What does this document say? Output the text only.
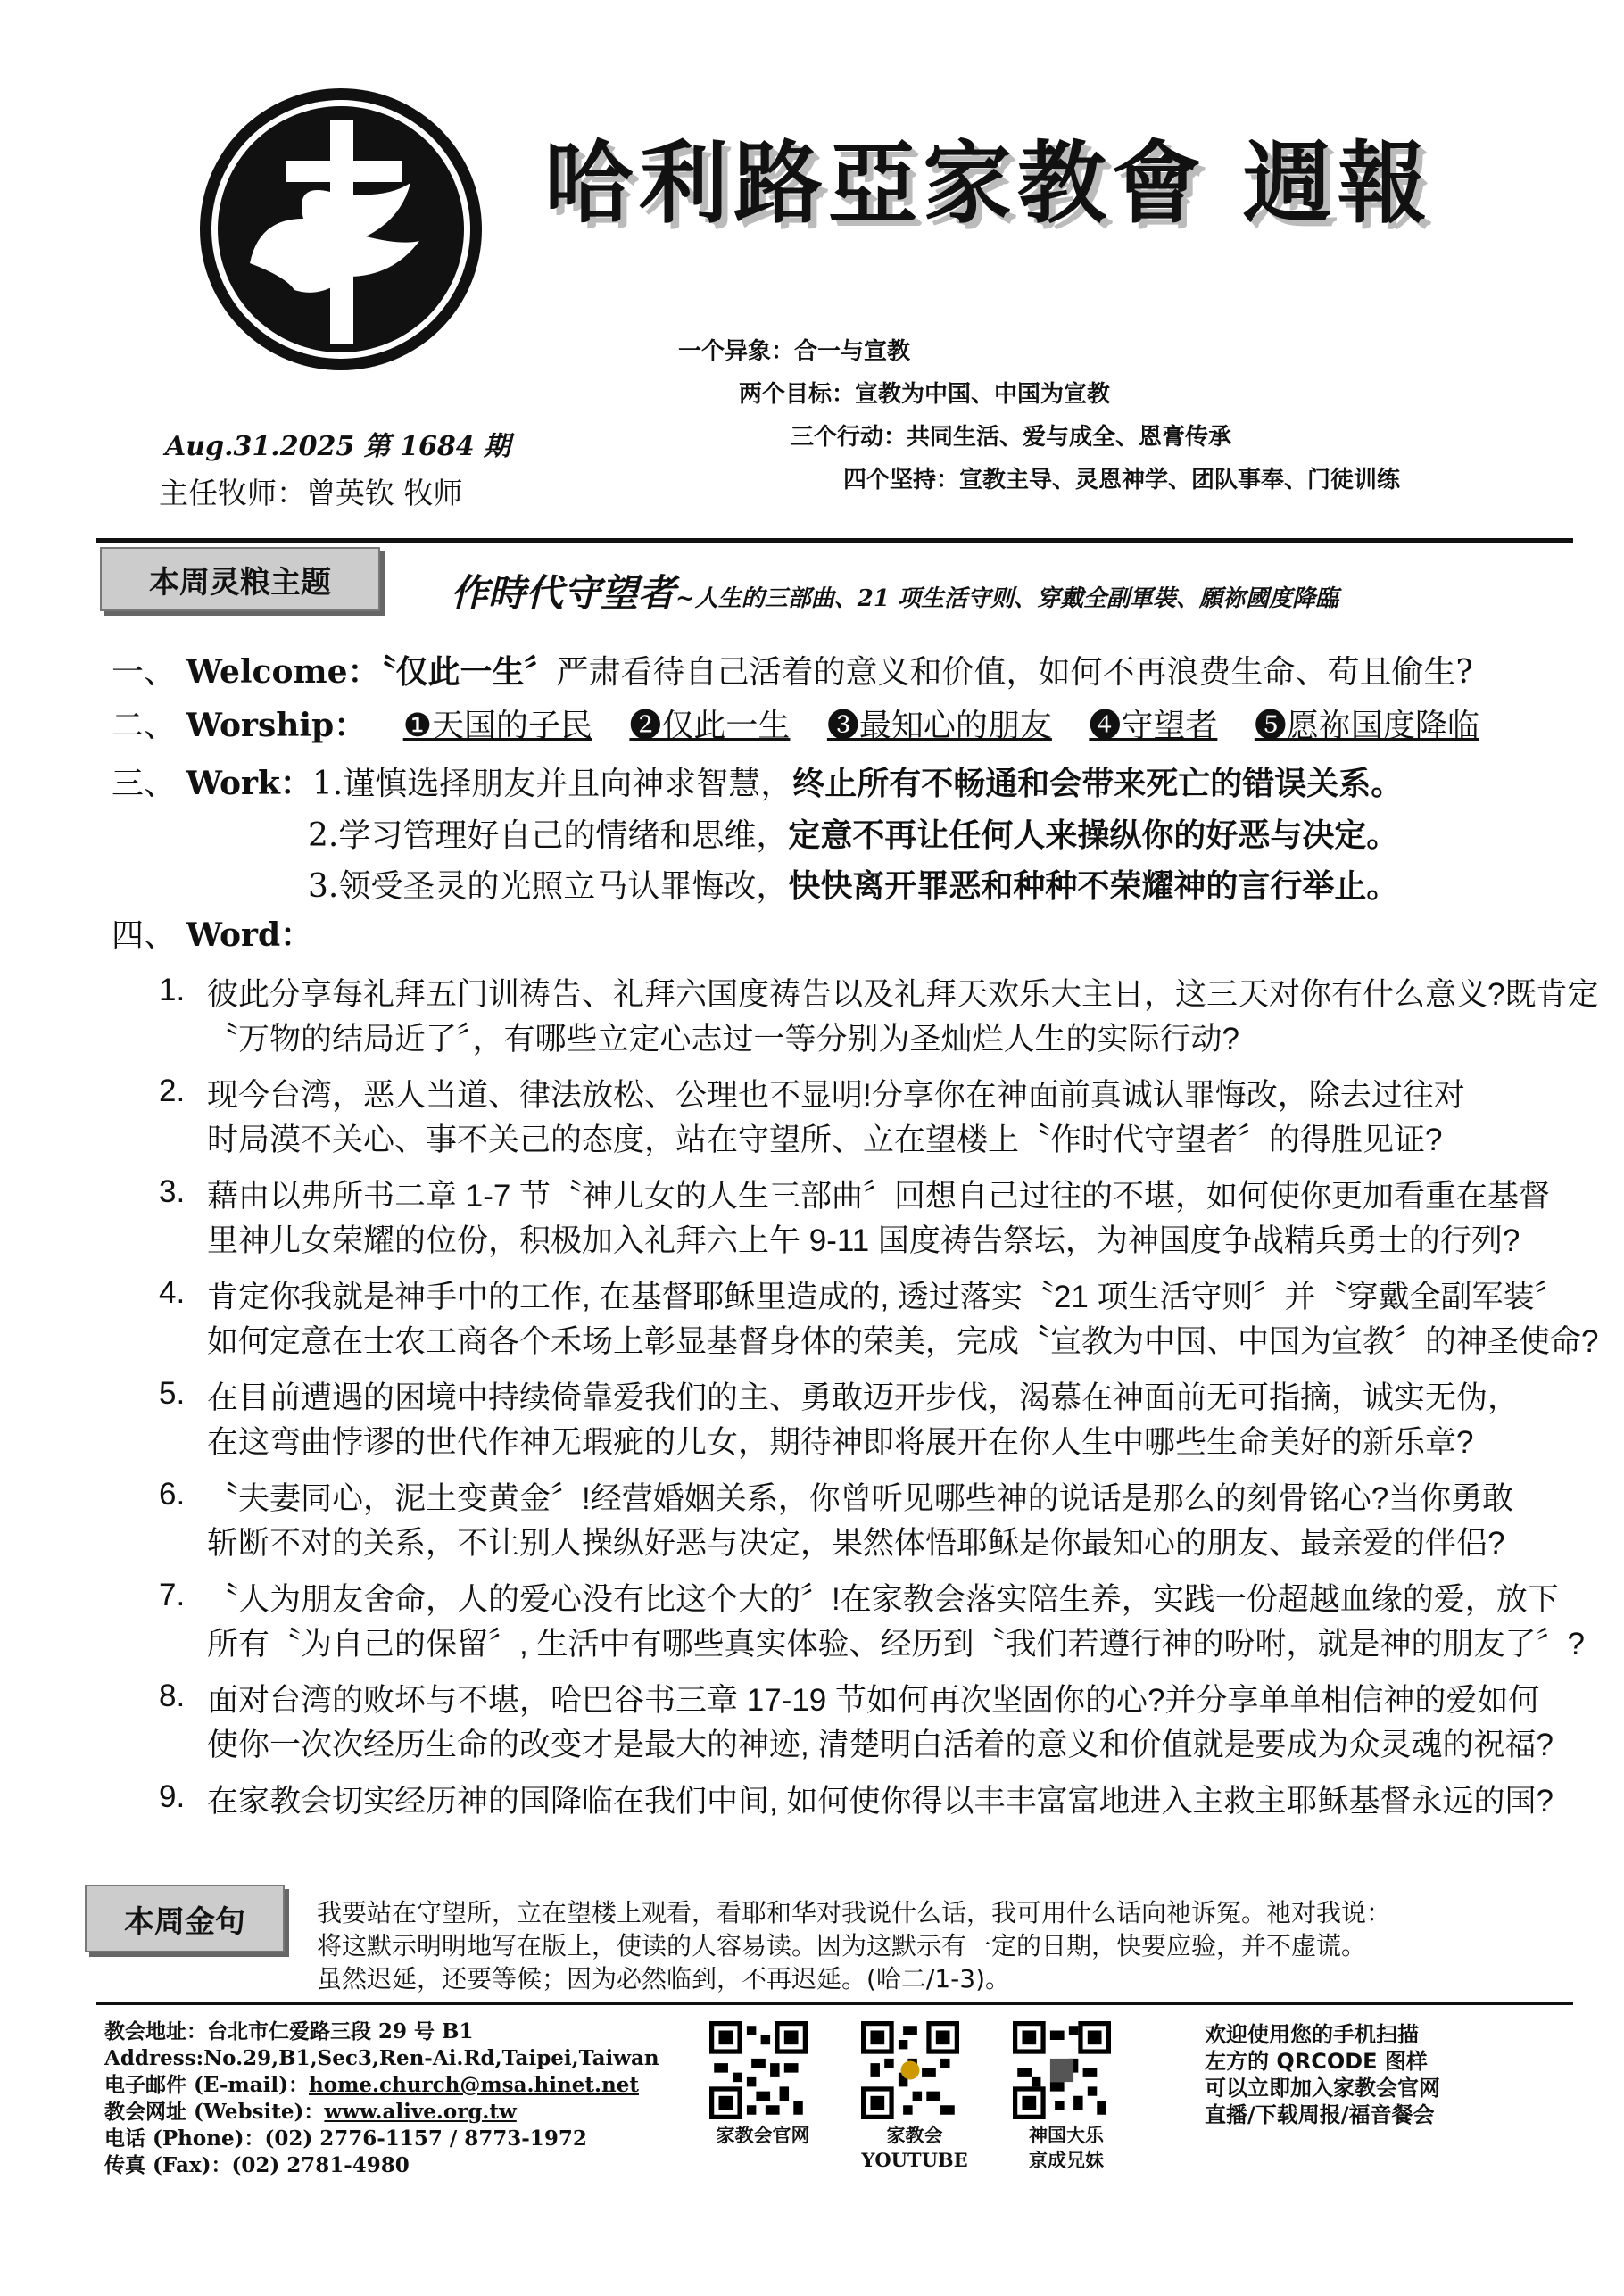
哈利路亞家教會 週報
一个异象：合一与宣教
两个目标：宣教为中国、中国为宣教
三个行动：共同生活、爱与成全、恩膏传承
四个坚持：宣教主导、灵恩神学、团队事奉、门徒训练
Aug.31.2025 第 1684 期
主任牧师：曾英钦 牧师
本周灵粮主题	作時代守望者~人生的三部曲、21 项生活守则、穿戴全副軍裝、願祢國度降臨
一、 Welcome：〝仅此一生〞严肃看待自己活着的意义和价值，如何不再浪费生命、苟且偷生?
二、 Worship： ❶天国的子民 ❷仅此一生 ❸最知心的朋友 ❹守望者 ❺愿祢国度降临
三、 Work：1.谨慎选择朋友并且向神求智慧，终止所有不畅通和会带来死亡的错误关系。
2.学习管理好自己的情绪和思维，定意不再让任何人来操纵你的好恶与决定。
3.领受圣灵的光照立马认罪悔改，快快离开罪恶和种种不荣耀神的言行举止。
四、 Word：
1. 彼此分享每礼拜五门训祷告、礼拜六国度祷告以及礼拜天欢乐大主日，这三天对你有什么意义?既肯定
〝万物的结局近了〞，有哪些立定心志过一等分别为圣灿烂人生的实际行动?
2. 现今台湾，恶人当道、律法放松、公理也不显明!分享你在神面前真诚认罪悔改，除去过往对
时局漠不关心、事不关己的态度，站在守望所、立在望楼上〝作时代守望者〞的得胜见证?
3. 藉由以弗所书二章 1-7 节〝神儿女的人生三部曲〞回想自己过往的不堪，如何使你更加看重在基督
里神儿女荣耀的位份，积极加入礼拜六上午 9-11 国度祷告祭坛，为神国度争战精兵勇士的行列?
4. 肯定你我就是神手中的工作, 在基督耶稣里造成的, 透过落实〝21 项生活守则〞并〝穿戴全副军装〞
如何定意在士农工商各个禾场上彰显基督身体的荣美，完成〝宣教为中国、中国为宣教〞的神圣使命?
5. 在目前遭遇的困境中持续倚靠爱我们的主、勇敢迈开步伐，渴慕在神面前无可指摘，诚实无伪，
在这弯曲悖谬的世代作神无瑕疵的儿女，期待神即将展开在你人生中哪些生命美好的新乐章?
6. 〝夫妻同心，泥土变黄金〞!经营婚姻关系，你曾听见哪些神的说话是那么的刻骨铭心?当你勇敢
斩断不对的关系，不让别人操纵好恶与决定，果然体悟耶稣是你最知心的朋友、最亲爱的伴侣?
7. 〝人为朋友舍命，人的爱心没有比这个大的〞!在家教会落实陪生养，实践一份超越血缘的爱，放下
所有〝为自己的保留〞, 生活中有哪些真实体验、经历到〝我们若遵行神的吩咐，就是神的朋友了〞?
8. 面对台湾的败坏与不堪，哈巴谷书三章 17-19 节如何再次坚固你的心?并分享单单相信神的爱如何
使你一次次经历生命的改变才是最大的神迹, 清楚明白活着的意义和价值就是要成为众灵魂的祝福?
9. 在家教会切实经历神的国降临在我们中间, 如何使你得以丰丰富富地进入主救主耶稣基督永远的国?
本周金句	我要站在守望所，立在望楼上观看，看耶和华对我说什么话，我可用什么话向祂诉冤。祂对我说：
将这默示明明地写在版上，使读的人容易读。因为这默示有一定的日期，快要应验，并不虚谎。
虽然迟延，还要等候；因为必然临到，不再迟延。(哈二/1-3)。
教会地址：台北市仁爱路三段 29 号 B1
Address:No.29,B1,Sec3,Ren-Ai.Rd,Taipei,Taiwan
电子邮件 (E-mail)：home.church@msa.hinet.net
教会网址 (Website)：www.alive.org.tw
电话 (Phone)：(02) 2776-1157 / 8773-1972
传真 (Fax)：(02) 2781-4980
家教会官网	家教会
YOUTUBE
神国大乐
京成兄妹
欢迎使用您的手机扫描
左方的 QRCODE 图样
可以立即加入家教会官网
直播/下载周报/福音餐会
